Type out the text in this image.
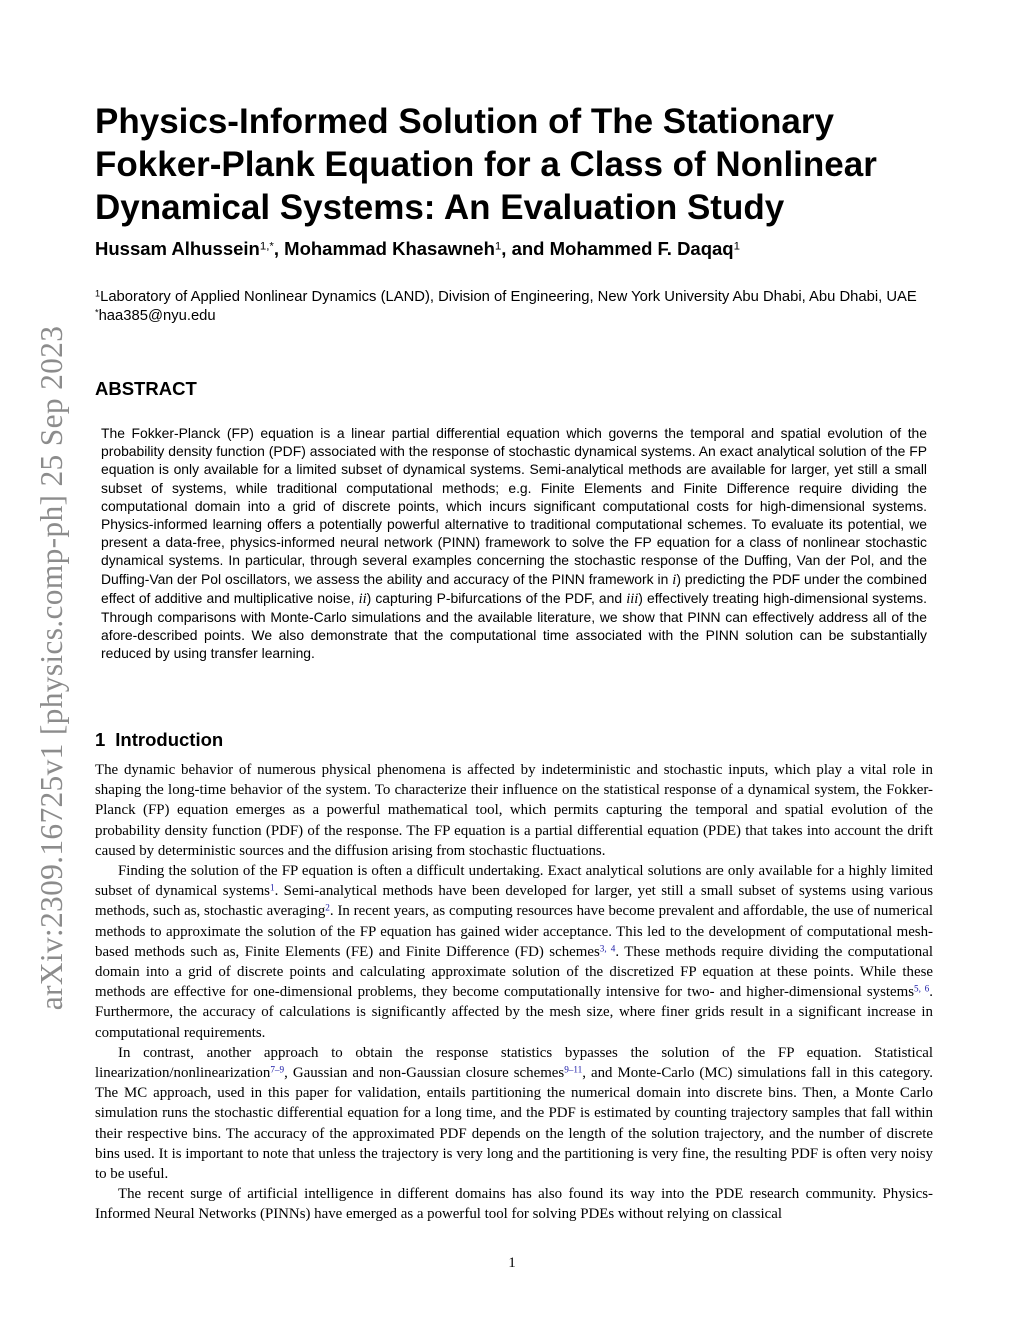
arXiv:2309.16725v1 [physics.comp-ph] 25 Sep 2023
Physics-Informed Solution of The Stationary Fokker-Plank Equation for a Class of Nonlinear Dynamical Systems: An Evaluation Study
Hussam Alhussein$^{1,*}$, Mohammad Khasawneh$^1$, and Mohammed F. Daqaq$^1$
$^1$Laboratory of Applied Nonlinear Dynamics (LAND), Division of Engineering, New York University Abu Dhabi, Abu Dhabi, UAE
*haa385@nyu.edu
ABSTRACT

The Fokker-Planck (FP) equation is a linear partial differential equation which governs the temporal and spatial evolution of the probability density function (PDF) associated with the response of stochastic dynamical systems. An exact analytical solution of the FP equation is only available for a limited subset of dynamical systems. Semi-analytical methods are available for larger, yet still a small subset of systems, while traditional computational methods; e.g. Finite Elements and Finite Difference require dividing the computational domain into a grid of discrete points, which incurs significant computational costs for high-dimensional systems. Physics-informed learning offers a potentially powerful alternative to traditional computational schemes. To evaluate its potential, we present a data-free, physics-informed neural network (PINN) framework to solve the FP equation for a class of nonlinear stochastic dynamical systems. In particular, through several examples concerning the stochastic response of the Duffing, Van der Pol, and the Duffing-Van der Pol oscillators, we assess the ability and accuracy of the PINN framework in i) predicting the PDF under the combined effect of additive and multiplicative noise, ii) capturing P-bifurcations of the PDF, and iii) effectively treating high-dimensional systems. Through comparisons with Monte-Carlo simulations and the available literature, we show that PINN can effectively address all of the afore-described points. We also demonstrate that the computational time associated with the PINN solution can be substantially reduced by using transfer learning.

1 Introduction

The dynamic behavior of numerous physical phenomena is affected by indeterministic and stochastic inputs, which play a vital role in shaping the long-time behavior of the system. To characterize their influence on the statistical response of a dynamical system, the Fokker-Planck (FP) equation emerges as a powerful mathematical tool, which permits capturing the temporal and spatial evolution of the probability density function (PDF) of the response. The FP equation is a partial differential equation (PDE) that takes into account the drift caused by deterministic sources and the diffusion arising from stochastic fluctuations.

Finding the solution of the FP equation is often a difficult undertaking. Exact analytical solutions are only available for a highly limited subset of dynamical systems$^1$. Semi-analytical methods have been developed for larger, yet still a small subset of systems using various methods, such as, stochastic averaging$^2$. In recent years, as computing resources have become prevalent and affordable, the use of numerical methods to approximate the solution of the FP equation has gained wider acceptance. This led to the development of computational mesh-based methods such as, Finite Elements (FE) and Finite Difference (FD) schemes$^{3, 4}$. These methods require dividing the computational domain into a grid of discrete points and calculating approximate solution of the discretized FP equation at these points. While these methods are effective for one-dimensional problems, they become computationally intensive for two- and higher-dimensional systems$^{5, 6}$. Furthermore, the accuracy of calculations is significantly affected by the mesh size, where finer grids result in a significant increase in computational requirements.

In contrast, another approach to obtain the response statistics bypasses the solution of the FP equation. Statistical linearization/nonlinearization$^{7-9}$, Gaussian and non-Gaussian closure schemes$^{9-11}$, and Monte-Carlo (MC) simulations fall in this category. The MC approach, used in this paper for validation, entails partitioning the numerical domain into discrete bins. Then, a Monte Carlo simulation runs the stochastic differential equation for a long time, and the PDF is estimated by counting trajectory samples that fall within their respective bins. The accuracy of the approximated PDF depends on the length of the solution trajectory, and the number of discrete bins used. It is important to note that unless the trajectory is very long and the partitioning is very fine, the resulting PDF is often very noisy to be useful.

The recent surge of artificial intelligence in different domains has also found its way into the PDE research community. Physics-Informed Neural Networks (PINNs) have emerged as a powerful tool for solving PDEs without relying on classical

1
